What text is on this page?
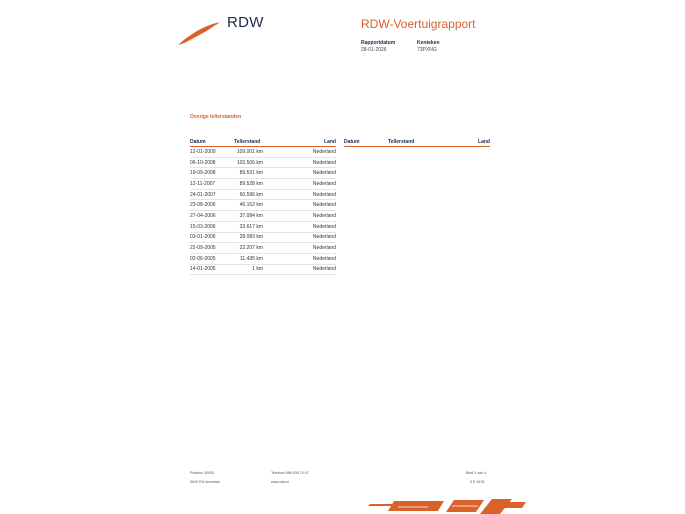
RDW	RDW-Voertuigrapport
Rapportdatum
28-01-2026
Kenteken
73PXNG
Overige tellerstanden
Datum	Tellerstand	Land
12-01-2009	109.001 km	Nederland
06-10-2008	103.506 km	Nederland
19-09-2008	89.531 km	Nederland
12-11-2007	89.528 km	Nederland
24-01-2007	60.596 km	Nederland
23-08-2006	46.152 km	Nederland
27-04-2006	37.084 km	Nederland
15-03-2006	33.617 km	Nederland
03-01-2006	28.083 km	Nederland
22-09-2005	22.207 km	Nederland
02-06-2005	11.435 km	Nederland
14-01-2005	1 km	Nederland
Datum	Tellerstand	Land
Postbus 30000
9640 RA Veendam
Telefoon 088 008 74 47
www.rdw.nl
Blad 2 van 4
3 E 1678
